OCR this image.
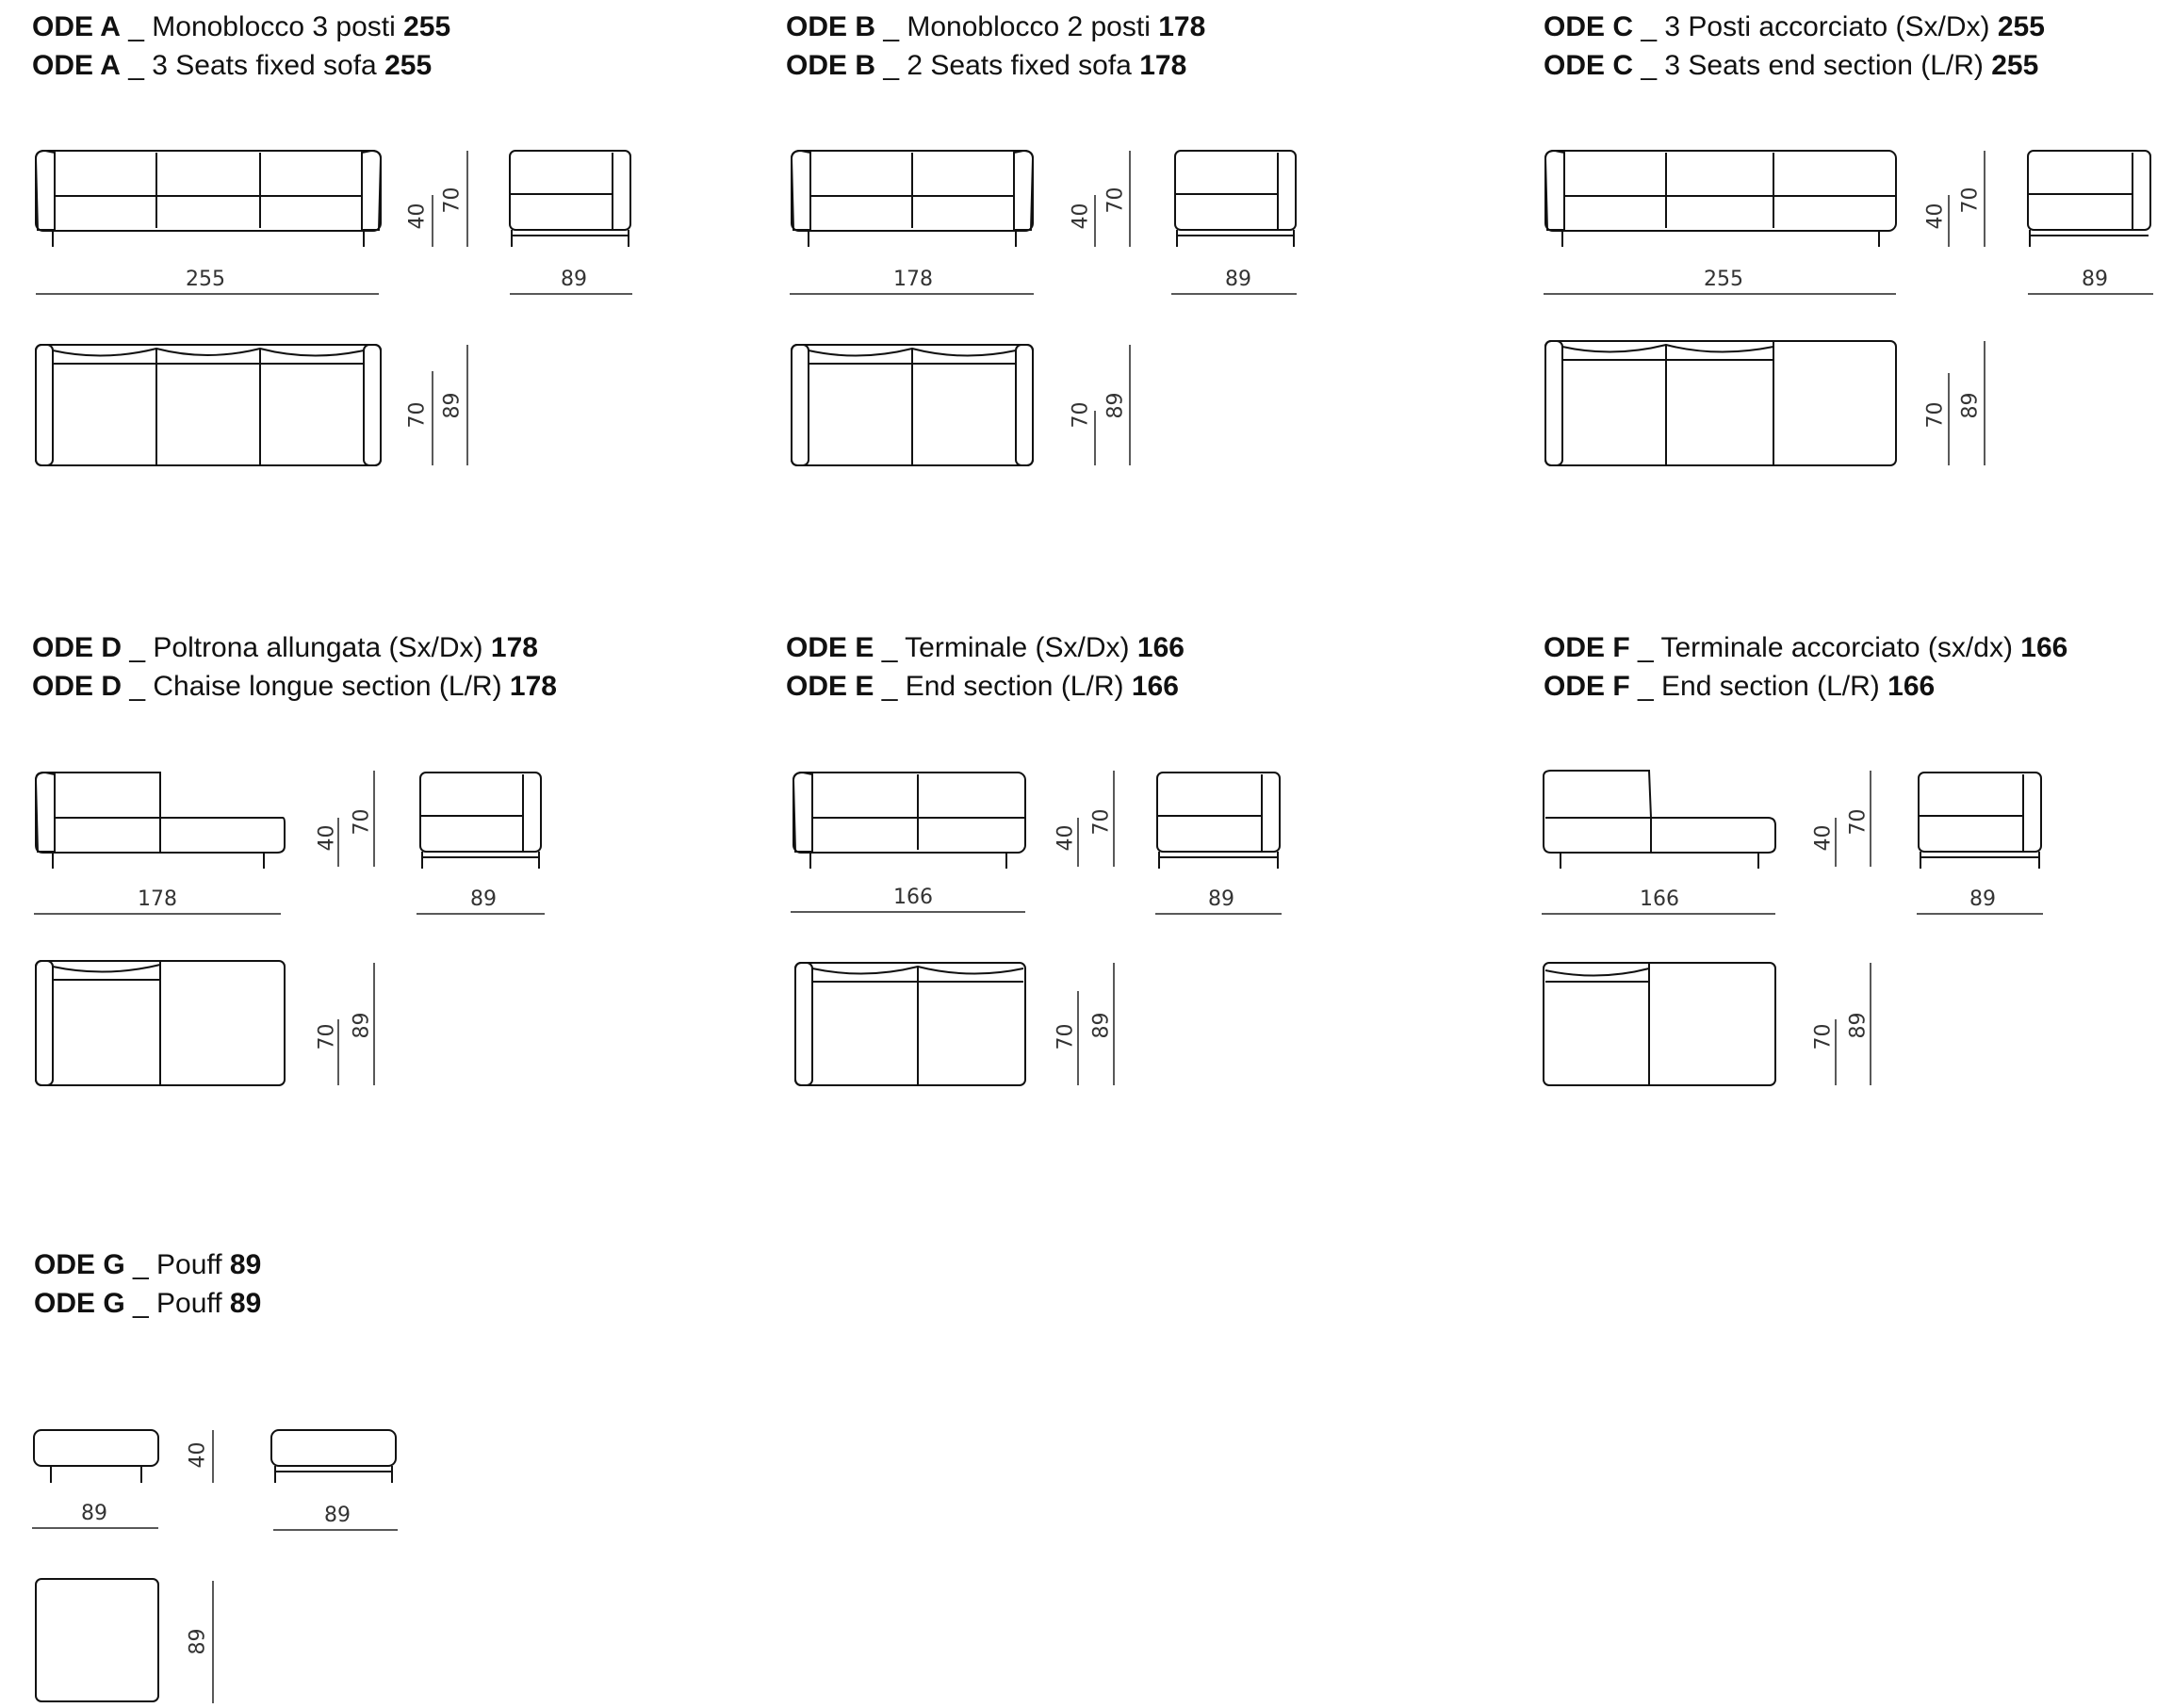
ODE A _ Monoblocco 3 posti 255
ODE A _ 3 Seats fixed sofa 255
ODE B _ Monoblocco 2 posti 178
ODE B _ 2 Seats fixed sofa 178
ODE C _ 3 Posti accorciato (Sx/Dx) 255
ODE C _ 3 Seats end section (L/R) 255
ODE D _ Poltrona allungata (Sx/Dx) 178
ODE D _ Chaise longue section (L/R) 178
ODE E _ Terminale (Sx/Dx) 166
ODE E _ End section (L/R) 166
ODE F _ Terminale accorciato (sx/dx) 166
ODE F _ End section (L/R) 166
ODE G _ Pouff 89
ODE G _ Pouff 89
255	89
40
70
70 89
178	89
40
70
70 89
255	89
40
70
70 89
178	89
40
70
70 89
166	89
40
70
70 89
166	89
40
70
70 89
89	89
40
89
